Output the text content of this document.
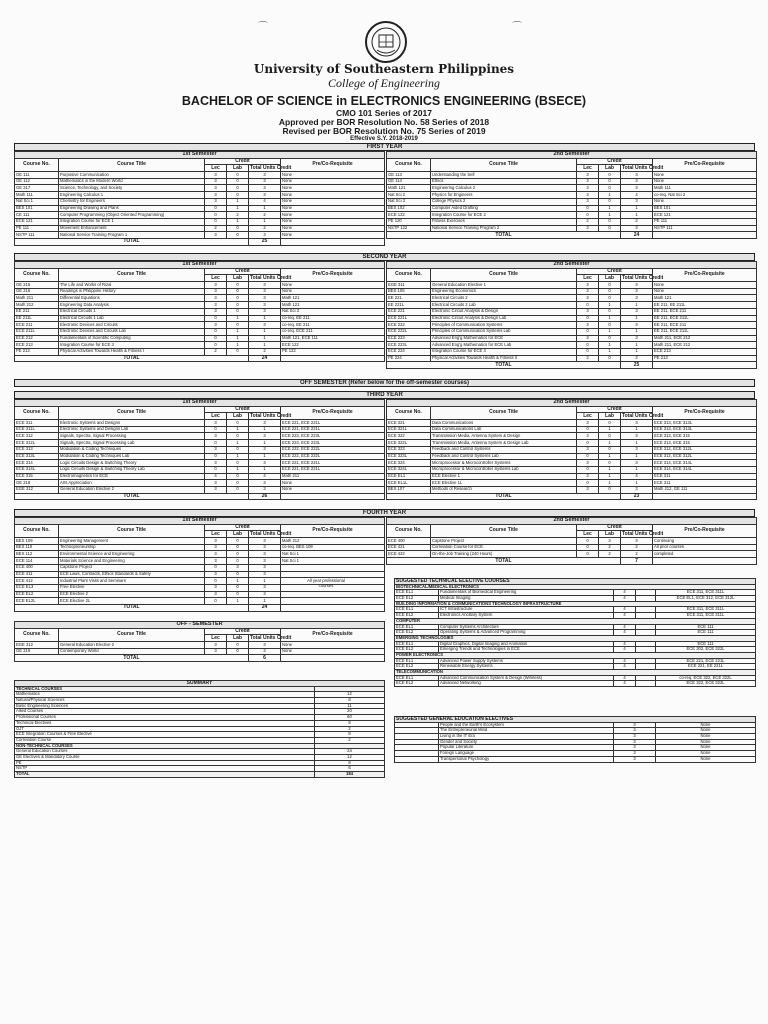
⌒	⌒
University of Southeastern Philippines
College of Engineering
BACHELOR OF SCIENCE in ELECTRONICS ENGINEERING (BSECE)
CMO 101 Series of 2017
Approved per BOR Resolution No. 58 Series of 2018
Revised per BOR Resolution No. 75 Series of 2019
Effective S.Y. 2018-2019
FIRST YEAR
1st Semester					
Course No.	Course Title	Credit			Pre/Co-Requisite
		Lec	Lab	Total Units Credit	
GE 111	Purposive Communication	3	0	3	None
GE 112	Mathematics in the Modern World	3	0	3	None
GE 217	Science, Technology, and Society	3	0	3	None
Math 111	Engineering Calculus 1	3	0	3	None
Nat Sci 1	Chemistry for Engineers	3	1	4	None
BES 101	Engineering Drawing and Plans	0	1	1	None
CE 111	Computer Programming (Object Oriented Programming)	0	2	2	None
ECE 121	Integration Course for ECE 1	0	1	1	None
PE 111	Movement Enhancement	2	0	2	None
NSTP 111	National Service Training Program 1	3	0	3	None
TOTAL				25	
2nd Semester					
Course No.	Course Title	Credit			Pre/Co-Requisite
		Lec	Lab	Total Units Credit	
GE 113	Understanding the Self	3	0	3	None
GE 114	Ethics	3	0	3	None
Math 121	Engineering Calculus 2	3	0	3	Math 111
Nat Sci 2	Physics for Engineers	3	1	4	co-req. Nat Sci 2
Nat Sci 3	College Physics 2	3	0	3	None
BES 102	Computer Aided Drafting	0	1	1	BES 101
ECE 122	Integration Course for ECE 2	0	1	1	ECE 121
PE 120	Fitness Exercises	2	0	2	PE 111
NSTP 122	National Service Training Program 2	3	0	3	NSTP 111
TOTAL				24	
SECOND YEAR
1st Semester					
Course No.	Course Title	Credit			Pre/Co-Requisite
		Lec	Lab	Total Units Credit	
GE 215	The Life and Works of Rizal	3	0	3	None
GE 216	Readings in Philippine History	3	0	3	None
Math 211	Differential Equations	3	0	3	Math 121
Math 212	Engineering Data Analysis	3	0	3	Math 121
EE 211	Electrical Circuits 1	3	0	3	Nat Sci 3
EE 211L	Electrical Circuits 1 Lab	0	1	1	co-req. EE 211
ECE 211	Electronic Devices and Circuits	3	0	3	co-req. EE 211
ECE 211L	Electronic Devices and Circuits Lab	0	1	1	co-req. ECE 211
ECE 212	Fundamentals of Scientific Computing	0	1	1	Math 121, ECE 111
ECE 213	Integration Course for ECE 3	0	1	1	ECE 122
PE 213	Physical Activities Towards Health & Fitness I	2	0	2	PE 122
TOTAL				24	
2nd Semester					
Course No.	Course Title	Credit			Pre/Co-Requisite
		Lec	Lab	Total Units Credit	
EGE 311	General Education Elective 1	3	0	3	None
BES 105	Engineering Economics	3	0	3	None
EE 221	Electrical Circuits 2	3	0	3	Math 121
EE 221L	Electrical Circuits 2 Lab	0	1	1	EE 211, EE 211L
ECE 221	Electronic Circuit Analysis & Design	3	0	3	EE 211, ECE 211
ECE 221L	Electronic Circuit Analysis & Design Lab	0	1	1	EE 211, ECE 211L
ECE 222	Principles of Communication Systems	3	0	3	EE 211, ECE 211
ECE 222L	Principles of Communication Systems Lab	0	1	1	EE 211, ECE 211L
ECE 223	Advanced Eng'g Mathematics for ECE	3	0	3	Math 211, ECE 212
ECE 223L	Advanced Eng'g Mathematics for ECE Lab	0	1	1	Math 211, ECE 212
ECE 224	Integration Course for ECE 4	0	1	1	ECE 213
PE 224	Physical Activities Towards Health & Fitness II	2	0	2	PE 213
TOTAL				25	
OFF SEMESTER (Refer below for the off-semester courses)
THIRD YEAR
1st Semester					
Course No.	Course Title	Credit			Pre/Co-Requisite
		Lec	Lab	Total Units Credit	
ECE 311	Electronic Systems and Designs	3	0	3	ECE 221, ECE 221L
ECE 311L	Electronic Systems and Designs Lab	0	1	1	ECE 221, ECE 221L
ECE 312	Signals, Spectra, Signal Processing	3	0	3	ECE 223, ECE 223L
ECE 312L	Signals, Spectra, Signal Processing Lab	0	1	1	ECE 223, ECE 223L
ECE 313	Modulation & Coding Techniques	3	0	3	ECE 222, ECE 222L
ECE 313L	Modulation & Coding Techniques Lab	0	1	1	ECE 222, ECE 222L
ECE 314	Logic Circuits Design & Switching Theory	3	0	3	ECE 221, ECE 221L
ECE 314L	Logic Circuits Design & Switching Theory Lab	0	1	1	ECE 221, ECE 221L
ECE 315	Electromagnetics for ECE	4	0	4	Math 211
GE 218	Arts Appreciation	3	0	3	None
EGE 312	General Education Elective 2	3	0	3	None
TOTAL				26	
2nd Semester					
Course No.	Course Title	Credit			Pre/Co-Requisite
		Lec	Lab	Total Units Credit	
ECE 321	Data Communications	3	0	3	ECE 313, ECE 313L
ECE 321L	Data Communications Lab	0	1	1	ECE 313, ECE 313L
ECE 322	Transmission Media, Antenna System & Design	3	0	3	ECE 313, ECE 315
ECE 322L	Transmission Media, Antenna System & Design Lab	0	1	1	ECE 313, ECE 315
ECE 323	Feedback and Control Systems	3	0	3	ECE 312, ECE 312L
ECE 323L	Feedback and Control Systems Lab	0	1	1	ECE 312, ECE 312L
ECE 324	Microprocessor & Microcontroller Systems	3	0	3	ECE 314, ECE 314L
ECE 324L	Microprocessor & Microcontroller Systems Lab	0	1	1	ECE 314, ECE 314L
ECE EL1	ECE Elective 1	3	1	4	ECE 311
ECE EL1L	ECE Elective 1L	0	1	1	ECE 311
BES 107	Methods of Research	3	0	3	Math 212, GE 111
TOTAL				23	
FOURTH YEAR
1st Semester					
Course No.	Course Title	Credit			Pre/Co-Requisite
		Lec	Lab	Total Units Credit	
BES 109	Engineering Management	3	0	3	Math 212
BES 110	Technopreneurship	3	0	3	co-req. BES 109
BES 112	Environmental Science and Engineering	3	0	3	Nat Sci 1
ECE 114	Materials Science and Engineering	3	0	3	Nat Sci 1
ECE 400	Capstone Project	0	3	3	
ECE 411	ECE Laws, Contracts, Ethics Standards & Safety	3	0	3	
ECE 412	Industrial Plant Visits and Seminars	0	1	1	
ECE EL3	Free Elective	3	0	3	
ECE EL2	ECE Elective 2	3	0	3	
ECE EL2L	ECE Elective 2L	0	1	1	
TOTAL				24	
All year professional courses
2nd Semester					
Course No.	Course Title	Credit			Pre/Co-Requisite
		Lec	Lab	Total Units Credit	
ECE 400	Capstone Project	0	3	3	Continuing
ECE 421	Correlation Course for ECE	0	2	2	All prior courses
ECE 422	On-the-Job Training (240 Hours)	0	2	2	completed
TOTAL				7	
OFF - SEMESTER					
Course No.	Course Title	Credit			Pre/Co-Requisite
		Lec	Lab	Total Units Credit	
EGE 312	General Education Elective 2	3	0	3	None
GE 219	Contemporary World	3	0	3	None
TOTAL				6	
SUMMARY	
TECHNICAL COURSES	
Mathematics	12
Natural/Physical Sciences	8
Basic Engineering Sciences	11
Allied Courses	20
Professional Courses	60
Technical Electives	8
OJT	2
ECE Integration Courses & Free Elective	8
Correlation Course	2
NON-TECHNICAL COURSES	
General Education Courses	24
GE Electives & Mandatory Course	12
PE	8
NSTP	6
TOTAL	184
SUGGESTED TECHNICAL ELECTIVE COURSES				
BIOTECHNICAL/MEDICAL ELECTRONICS				
ECE EL1	Fundamentals of Biomedical Engineering	4		ECE 311, ECE 311L
ECE EL2	Medical Imaging	4		ECE EL1, ECE 312, ECE 312L
BUILDING INFORMATION & COMMUNICATIONS TECHNOLOGY INFRASTRUCTURE				
ECE EL1	ICT Infrastructure	4		ECE 311, ECE 311L
ECE EL2	Electronics Ancillary System	4		ECE 311, ECE 311L
COMPUTER				
ECE EL1	Computer Systems Architecture	4		ECE 111
ECE EL2	Operating Systems & Advanced Programming	4		ECE 111
EMERGING TECHNOLOGIES				
ECE EL1	Digital Graphics, Digital Imaging and Animation	4		ECE 111
ECE EL2	Emerging Trends and Technologies in ECE	4		ECE 302, ECE 322L
POWER ELECTRONICS				
ECE EL1	Advanced Power Supply Systems	4		ECE 221, ECE 221L
ECE EL2	Renewable Energy Systems	4		ECE 221, EE 221L
TELECOMMUNICATION				
ECE EL1	Advanced Communication System & Design (Wireless)	4		co-req. ECE 322, ECE 322L
ECE EL2	Advanced Networking	4		ECE 322, ECE 322L
SUGGESTED GENERAL EDUCATION ELECTIVES			
	People and the Earth's Ecosystem	3	None
	The Entrepreneurial Mind	3	None
	Living in the IT Era	3	None
	Gender and Society	3	None
	Popular Literature	3	None
	Foreign Language	3	None
	Transpersonal Psychology	3	None
